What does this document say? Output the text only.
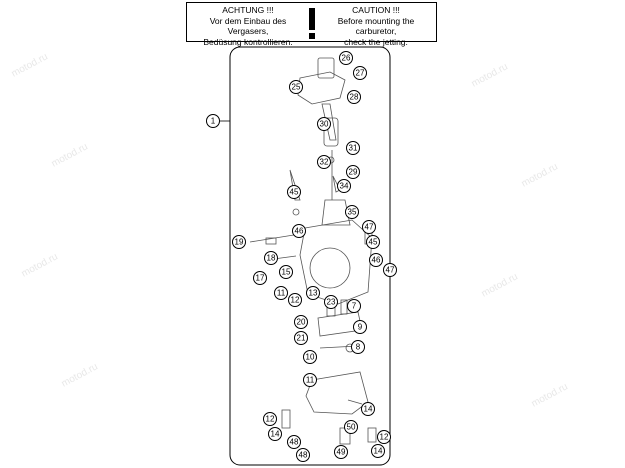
ACHTUNG !!!
Vor dem Einbau des Vergasers,
Bedüsung kontrollieren.
CAUTION !!!
Before mounting the carburetor,
check the jetting.
motod.ru
motod.ru
motod.ru
motod.ru
motod.ru
motod.ru
motod.ru
motod.ru
1
26
27
25
28
30
31
32
29
34
45
35
47
45
19
46
18	46
47
17
15
11
12
13
23 7
20
9
21
8
10
11
14
12
50
14
48
12
14
49
48
